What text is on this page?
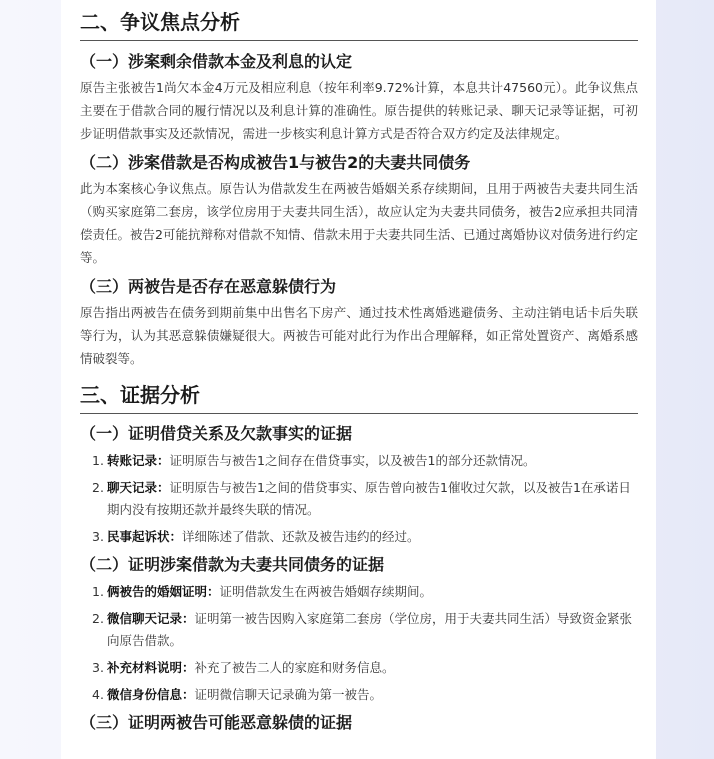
二、争议焦点分析
（一）涉案剩余借款本金及利息的认定

原告主张被告1尚欠本金4万元及相应利息（按年利率9.72%计算，本息共计47560元）。此争议焦点主要在于借款合同的履行情况以及利息计算的准确性。原告提供的转账记录、聊天记录等证据，可初步证明借款事实及还款情况，需进一步核实利息计算方式是否符合双方约定及法律规定。

（二）涉案借款是否构成被告1与被告2的夫妻共同债务

此为本案核心争议焦点。原告认为借款发生在两被告婚姻关系存续期间，且用于两被告夫妻共同生活（购买家庭第二套房，该学位房用于夫妻共同生活），故应认定为夫妻共同债务，被告2应承担共同清偿责任。被告2可能抗辩称对借款不知情、借款未用于夫妻共同生活、已通过离婚协议对债务进行约定等。

（三）两被告是否存在恶意躲债行为

原告指出两被告在债务到期前集中出售名下房产、通过技术性离婚逃避债务、主动注销电话卡后失联等行为，认为其恶意躲债嫌疑很大。两被告可能对此行为作出合理解释，如正常处置资产、离婚系感情破裂等。

三、证据分析
（一）证明借贷关系及欠款事实的证据
1. 转账记录：证明原告与被告1之间存在借贷事实，以及被告1的部分还款情况。
2. 聊天记录：证明原告与被告1之间的借贷事实、原告曾向被告1催收过欠款，以及被告1在承诺日期内没有按期还款并最终失联的情况。
3. 民事起诉状：详细陈述了借款、还款及被告违约的经过。
（二）证明涉案借款为夫妻共同债务的证据
1. 俩被告的婚姻证明：证明借款发生在两被告婚姻存续期间。
2. 微信聊天记录：证明第一被告因购入家庭第二套房（学位房，用于夫妻共同生活）导致资金紧张向原告借款。
3. 补充材料说明：补充了被告二人的家庭和财务信息。
4. 微信身份信息：证明微信聊天记录确为第一被告。
（三）证明两被告可能恶意躲债的证据
